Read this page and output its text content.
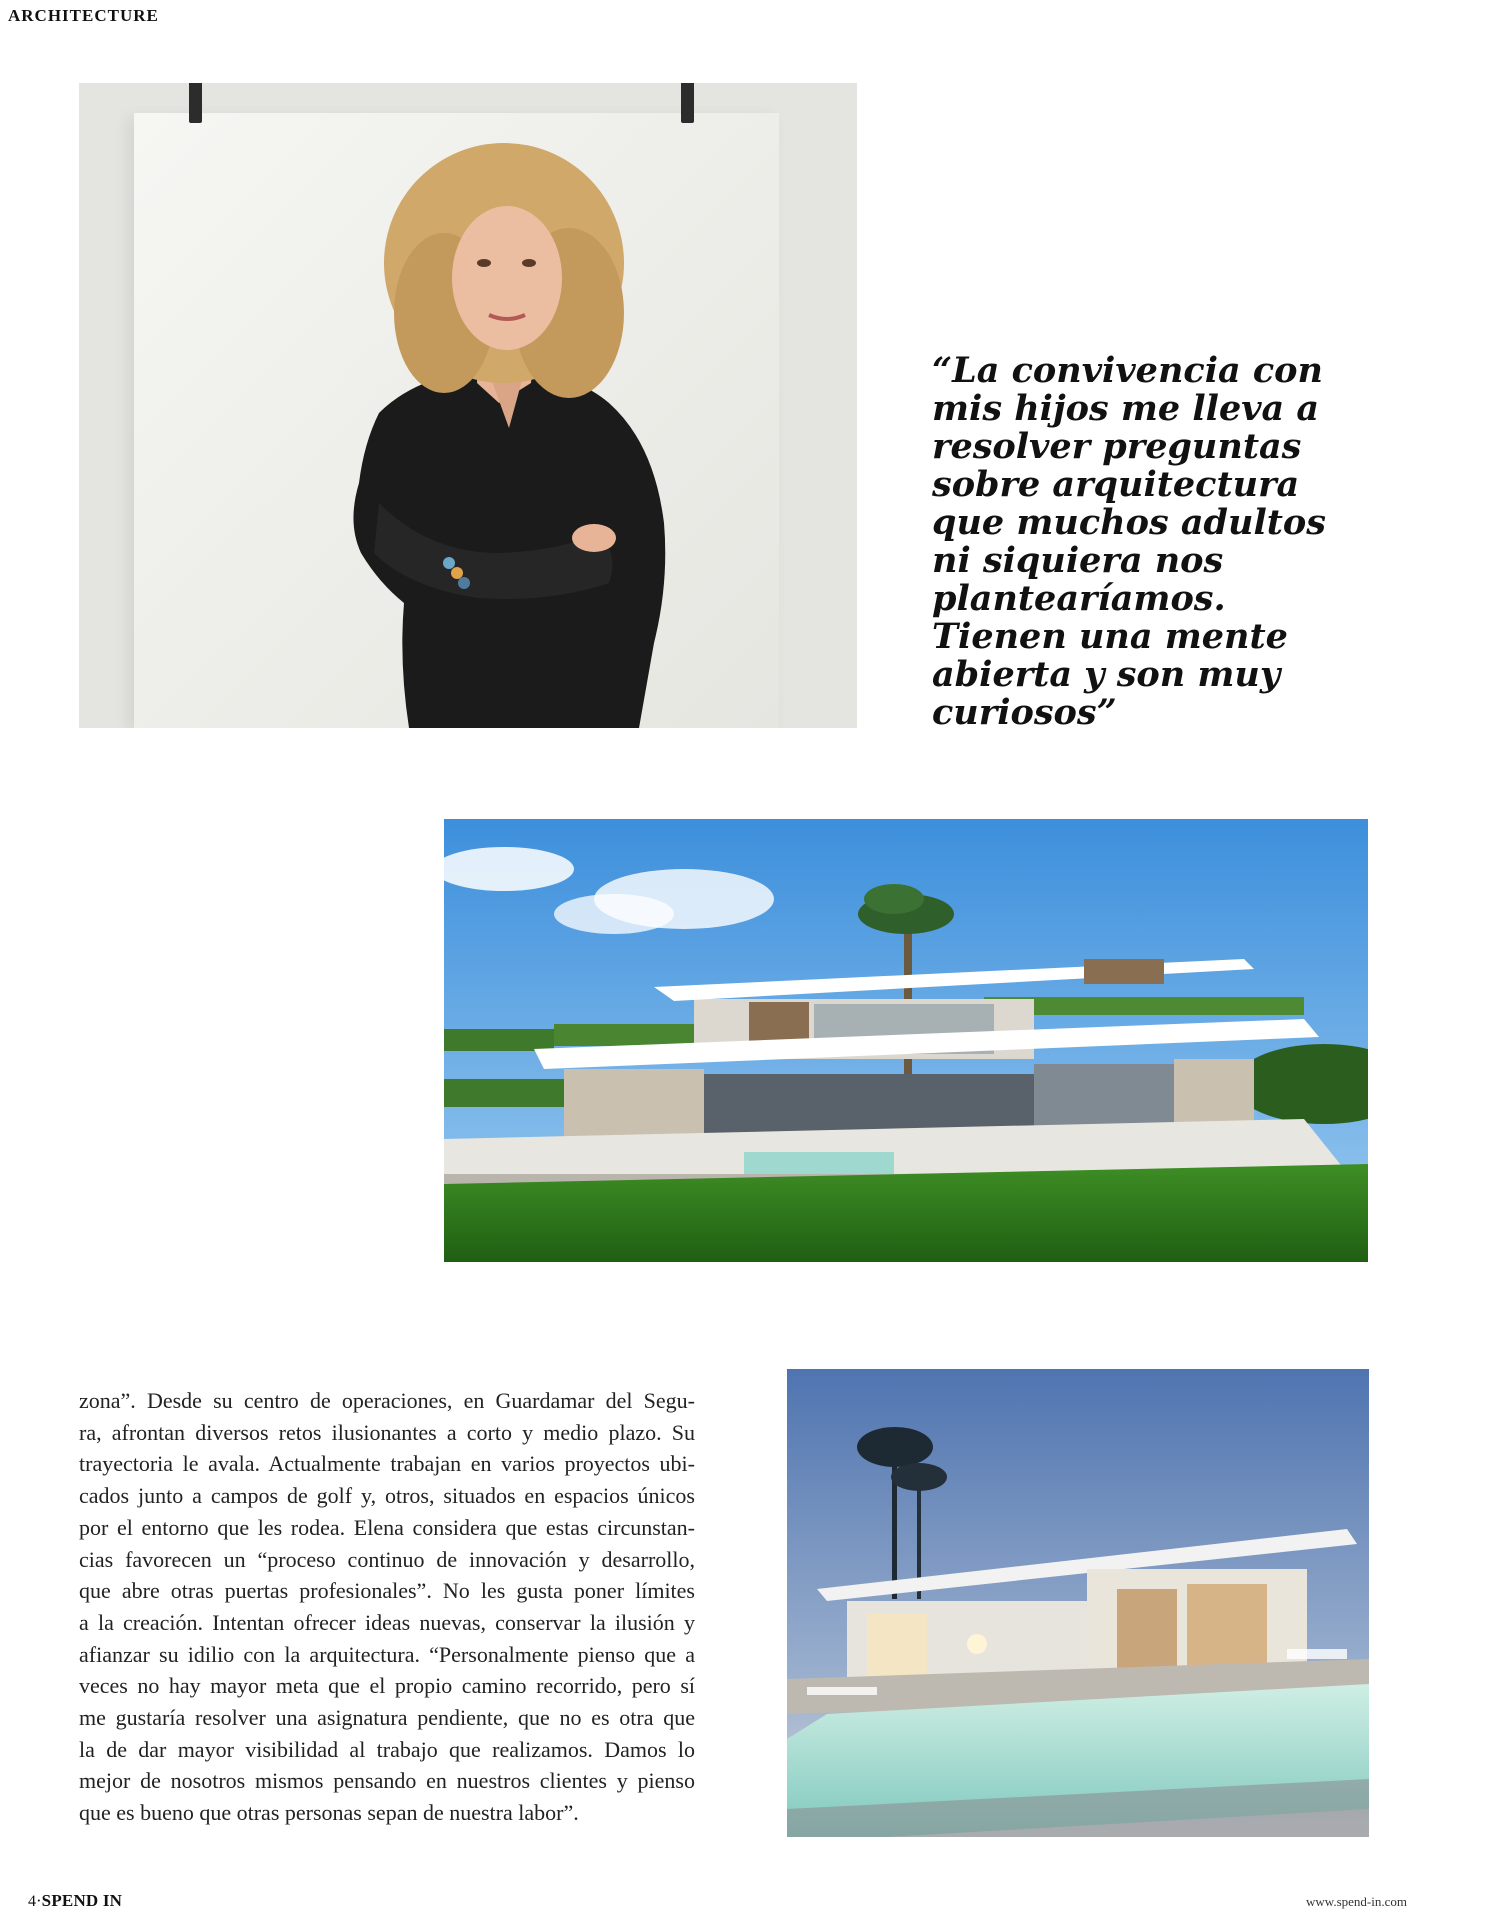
ARCHITECTURE

“La convivencia con
mis hijos me lleva a
resolver preguntas
sobre arquitectura
que muchos adultos
ni siquiera nos
plantearíamos.
Tienen una mente
abierta y son muy
curiosos”

zona”. Desde su centro de operaciones, en Guardamar del Segu-
ra, afrontan diversos retos ilusionantes a corto y medio plazo. Su
trayectoria le avala. Actualmente trabajan en varios proyectos ubi-
cados junto a campos de golf y, otros, situados en espacios únicos
por el entorno que les rodea. Elena considera que estas circunstan-
cias favorecen un “proceso continuo de innovación y desarrollo,
que abre otras puertas profesionales”. No les gusta poner límites
a la creación. Intentan ofrecer ideas nuevas, conservar la ilusión y
afianzar su idilio con la arquitectura. “Personalmente pienso que a
veces no hay mayor meta que el propio camino recorrido, pero sí
me gustaría resolver una asignatura pendiente, que no es otra que
la de dar mayor visibilidad al trabajo que realizamos. Damos lo
mejor de nosotros mismos pensando en nuestros clientes y pienso
que es bueno que otras personas sepan de nuestra labor”.

4·SPEND IN	www.spend-in.com
